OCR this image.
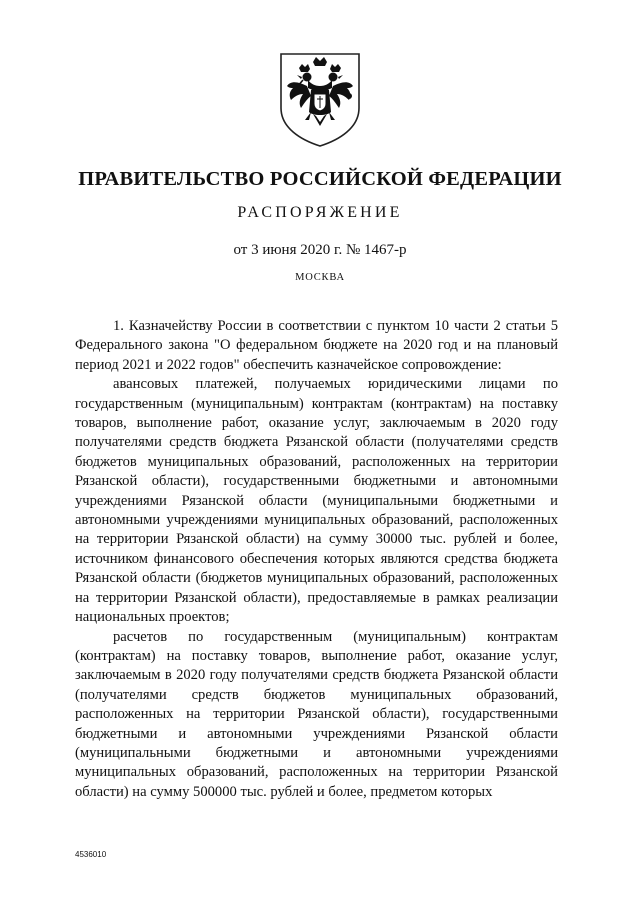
ПРАВИТЕЛЬСТВО РОССИЙСКОЙ ФЕДЕРАЦИИ

РАСПОРЯЖЕНИЕ

от 3 июня 2020 г. № 1467-р

МОСКВА

1. Казначейству России в соответствии с пунктом 10 части 2 статьи 5 Федерального закона "О федеральном бюджете на 2020 год и на плановый период 2021 и 2022 годов" обеспечить казначейское сопровождение:

авансовых платежей, получаемых юридическими лицами по государственным (муниципальным) контрактам (контрактам) на поставку товаров, выполнение работ, оказание услуг, заключаемым в 2020 году получателями средств бюджета Рязанской области (получателями средств бюджетов муниципальных образований, расположенных на территории Рязанской области), государственными бюджетными и автономными учреждениями Рязанской области (муниципальными бюджетными и автономными учреждениями муниципальных образований, расположенных на территории Рязанской области) на сумму 30000 тыс. рублей и более, источником финансового обеспечения которых являются средства бюджета Рязанской области (бюджетов муниципальных образований, расположенных на территории Рязанской области), предоставляемые в рамках реализации национальных проектов;

расчетов по государственным (муниципальным) контрактам (контрактам) на поставку товаров, выполнение работ, оказание услуг, заключаемым в 2020 году получателями средств бюджета Рязанской области (получателями средств бюджетов муниципальных образований, расположенных на территории Рязанской области), государственными бюджетными и автономными учреждениями Рязанской области (муниципальными бюджетными и автономными учреждениями муниципальных образований, расположенных на территории Рязанской области) на сумму 500000 тыс. рублей и более, предметом которых

4536010
